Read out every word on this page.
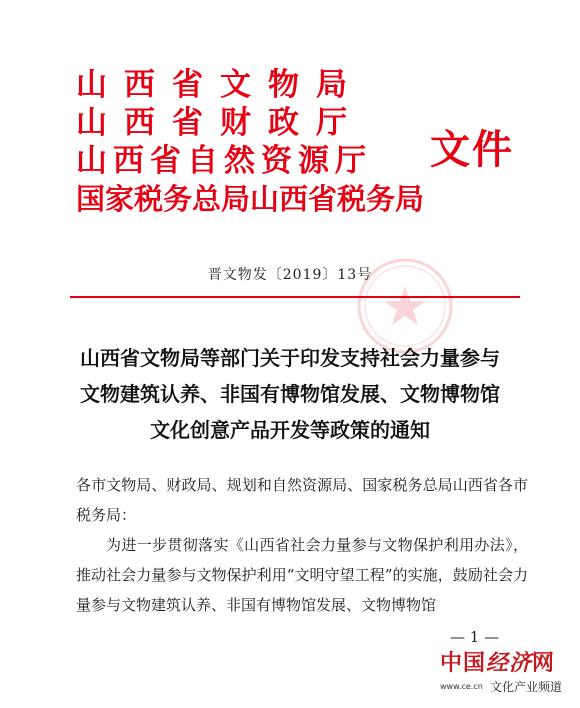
山西省文物局
山西省财政厅
山西省自然资源厅
国家税务总局山西省税务局
文件
晋文物发〔2019〕13号
山西省文物局等部门关于印发支持社会力量参与
文物建筑认养、非国有博物馆发展、文物博物馆
文化创意产品开发等政策的通知

各市文物局、财政局、规划和自然资源局、国家税务总局山西省各市税务局：

为进一步贯彻落实《山西省社会力量参与文物保护利用办法》，推动社会力量参与文物保护利用“文明守望工程”的实施，鼓励社会力量参与文物建筑认养、非国有博物馆发展、文物博物馆

— 1 —
中国经济网
www.ce.cn 文化产业频道
